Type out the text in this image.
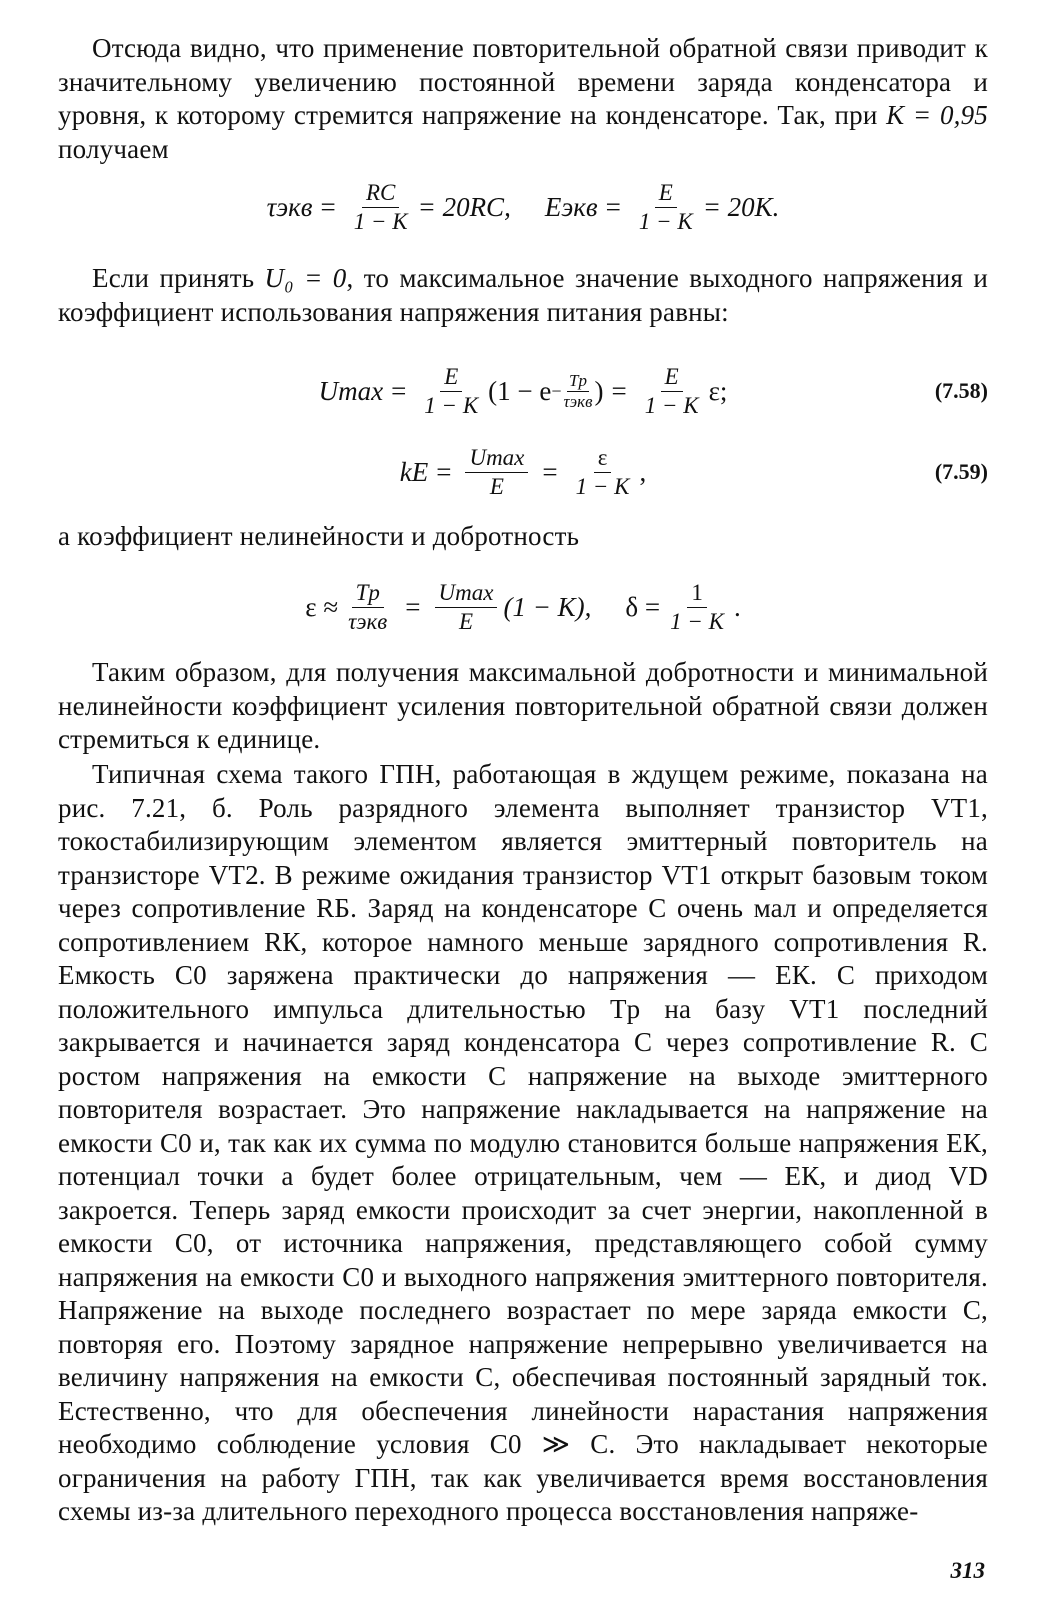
Отсюда видно, что применение повторительной обратной связи приводит к значительному увеличению постоянной времени заряда конденсатора и уровня, к которому стремится напряжение на конденсаторе. Так, при K = 0,95 получаем

$\tau экв = \frac{RC}{1 - K} = 20RC$, Eэкв = $\frac{E}{1 - K} = 20K$.

Если принять U₀ = 0, то максимальное значение выходного напряжения и коэффициент использования напряжения питания равны:

$Umax = \frac{E}{1 - K} (1 - e - \frac{Tр}{\text{τэкв}}$ ) = $\frac{E}{1 - K} \varepsilon$;	(7.58)
kE = $\frac{Umax}{E} = \frac{\varepsilon}{1 - K}$ ,	(7.59)

а коэффициент нелинейности и добротность

$\varepsilon \approx \frac{Tр}{\text{τэкв}} = \frac{Umax}{E} (1 - K)$, $\delta = \frac{1}{1 - K}$ .

Таким образом, для получения максимальной добротности и минимальной нелинейности коэффициент усиления повторительной обратной связи должен стремиться к единице.

Типичная схема такого ГПН, работающая в ждущем режиме, показана на рис. 7.21, б. Роль разрядного элемента выполняет транзистор VT1, токостабилизирующим элементом является эмиттерный повторитель на транзисторе VT2. В режиме ожидания транзистор VT1 открыт базовым током через сопротивление RБ. Заряд на конденсаторе C очень мал и определяется сопротивлением RК, которое намного меньше зарядного сопротивления R. Емкость C0 заряжена практически до напряжения — EК. С приходом положительного импульса длительностью Tр на базу VT1 последний закрывается и начинается заряд конденсатора C через сопротивление R. С ростом напряжения на емкости C напряжение на выходе эмиттерного повторителя возрастает. Это напряжение накладывается на напряжение на емкости C0 и, так как их сумма по модулю становится больше напряжения EК, потенциал точки a будет более отрицательным, чем — EК, и диод VD закроется. Теперь заряд емкости происходит за счет энергии, накопленной в емкости C0, от источника напряжения, представляющего собой сумму напряжения на емкости C0 и выходного напряжения эмиттерного повторителя. Напряжение на выходе последнего возрастает по мере заряда емкости C, повторяя его. Поэтому зарядное напряжение непрерывно увеличивается на величину напряжения на емкости C, обеспечивая постоянный зарядный ток. Естественно, что для обеспечения линейности нарастания напряжения необходимо соблюдение условия C0 ≫ C. Это накладывает некоторые ограничения на работу ГПН, так как увеличивается время восстановления схемы из-за длительного переходного процесса восстановления напряже-

313
